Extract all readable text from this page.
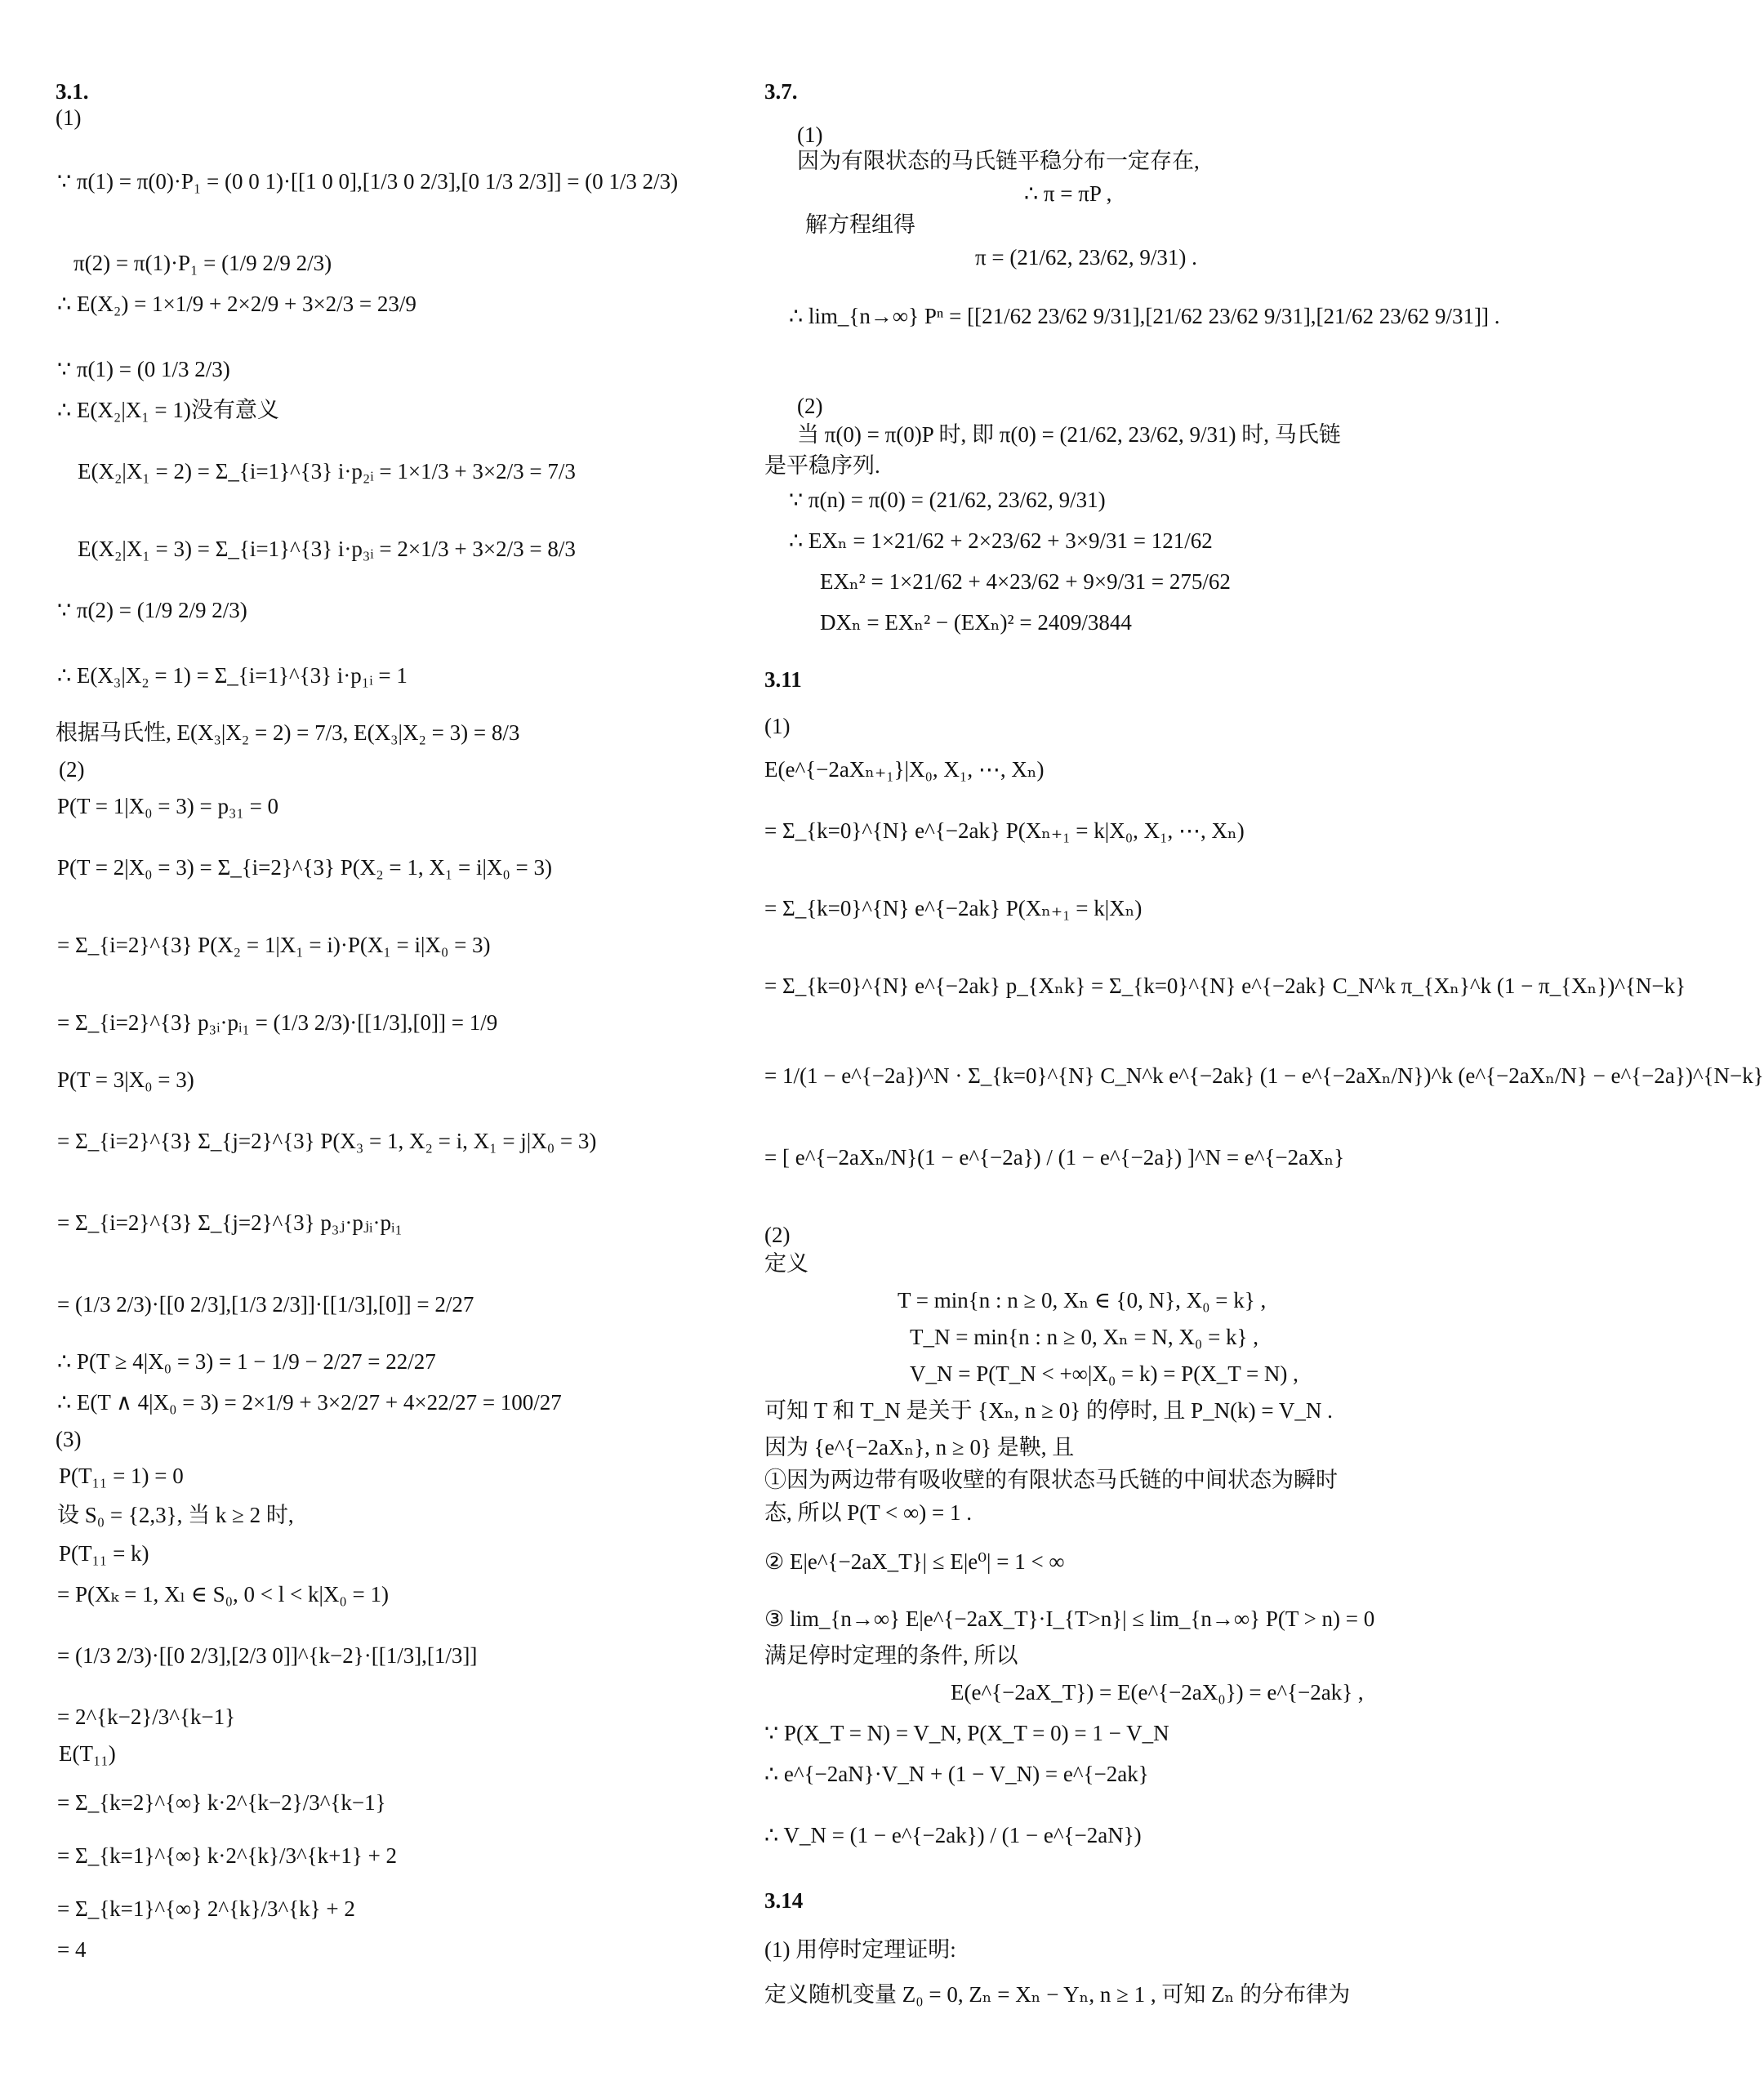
3.1.
(1)
∵ π(1) = π(0)·P₁ = (0 0 1)·[[1 0 0],[1/3 0 2/3],[0 1/3 2/3]] = (0 1/3 2/3)
π(2) = π(1)·P₁ = (1/9 2/9 2/3)
∴ E(X₂) = 1×1/9 + 2×2/9 + 3×2/3 = 23/9
∵ π(1) = (0 1/3 2/3)
∴ E(X₂|X₁ = 1)没有意义
E(X₂|X₁ = 2) = Σ_{i=1}^{3} i·p₂ᵢ = 1×1/3 + 3×2/3 = 7/3
E(X₂|X₁ = 3) = Σ_{i=1}^{3} i·p₃ᵢ = 2×1/3 + 3×2/3 = 8/3
∵ π(2) = (1/9 2/9 2/3)
∴ E(X₃|X₂ = 1) = Σ_{i=1}^{3} i·p₁ᵢ = 1
根据马氏性, E(X₃|X₂ = 2) = 7/3, E(X₃|X₂ = 3) = 8/3
(2)
P(T = 1|X₀ = 3) = p₃₁ = 0
P(T = 2|X₀ = 3) = Σ_{i=2}^{3} P(X₂ = 1, X₁ = i|X₀ = 3)
= Σ_{i=2}^{3} P(X₂ = 1|X₁ = i)·P(X₁ = i|X₀ = 3)
= Σ_{i=2}^{3} p₃ᵢ·pᵢ₁ = (1/3 2/3)·[[1/3],[0]] = 1/9
P(T = 3|X₀ = 3)
= Σ_{i=2}^{3} Σ_{j=2}^{3} P(X₃ = 1, X₂ = i, X₁ = j|X₀ = 3)
= Σ_{i=2}^{3} Σ_{j=2}^{3} p₃ⱼ·pⱼᵢ·pᵢ₁
= (1/3 2/3)·[[0 2/3],[1/3 2/3]]·[[1/3],[0]] = 2/27
∴ P(T ≥ 4|X₀ = 3) = 1 − 1/9 − 2/27 = 22/27
∴ E(T ∧ 4|X₀ = 3) = 2×1/9 + 3×2/27 + 4×22/27 = 100/27
(3)
P(T₁₁ = 1) = 0
设 S₀ = {2,3}, 当 k ≥ 2 时,
P(T₁₁ = k)
= P(Xₖ = 1, Xₗ ∈ S₀, 0 < l < k|X₀ = 1)
= (1/3 2/3)·[[0 2/3],[2/3 0]]^{k−2}·[[1/3],[1/3]]
= 2^{k−2}/3^{k−1}
E(T₁₁)
= Σ_{k=2}^{∞} k·2^{k−2}/3^{k−1}
= Σ_{k=1}^{∞} k·2^{k}/3^{k+1} + 2
= Σ_{k=1}^{∞} 2^{k}/3^{k} + 2
= 4
3.7.
(1)
因为有限状态的马氏链平稳分布一定存在,
∴ π = πP ,
解方程组得
π = (21/62, 23/62, 9/31) .
∴ lim_{n→∞} Pⁿ = [[21/62 23/62 9/31],[21/62 23/62 9/31],[21/62 23/62 9/31]] .
(2)
当 π(0) = π(0)P 时, 即 π(0) = (21/62, 23/62, 9/31) 时, 马氏链
是平稳序列.
∵ π(n) = π(0) = (21/62, 23/62, 9/31)
∴ EXₙ = 1×21/62 + 2×23/62 + 3×9/31 = 121/62
EXₙ² = 1×21/62 + 4×23/62 + 9×9/31 = 275/62
DXₙ = EXₙ² − (EXₙ)² = 2409/3844
3.11
(1)
E(e^{−2aXₙ₊₁}|X₀, X₁, ⋯, Xₙ)
= Σ_{k=0}^{N} e^{−2ak} P(Xₙ₊₁ = k|X₀, X₁, ⋯, Xₙ)
= Σ_{k=0}^{N} e^{−2ak} P(Xₙ₊₁ = k|Xₙ)
= Σ_{k=0}^{N} e^{−2ak} p_{Xₙk} = Σ_{k=0}^{N} e^{−2ak} C_N^k π_{Xₙ}^k (1 − π_{Xₙ})^{N−k}
= 1/(1 − e^{−2a})^N · Σ_{k=0}^{N} C_N^k e^{−2ak} (1 − e^{−2aXₙ/N})^k (e^{−2aXₙ/N} − e^{−2a})^{N−k}
= [ e^{−2aXₙ/N}(1 − e^{−2a}) / (1 − e^{−2a}) ]^N = e^{−2aXₙ}
(2)
定义
T = min{n : n ≥ 0, Xₙ ∈ {0, N}, X₀ = k} ,
T_N = min{n : n ≥ 0, Xₙ = N, X₀ = k} ,
V_N = P(T_N < +∞|X₀ = k) = P(X_T = N) ,
可知 T 和 T_N 是关于 {Xₙ, n ≥ 0} 的停时, 且 P_N(k) = V_N .
因为 {e^{−2aXₙ}, n ≥ 0} 是鞅, 且
①因为两边带有吸收壁的有限状态马氏链的中间状态为瞬时
态, 所以 P(T < ∞) = 1 .
② E|e^{−2aX_T}| ≤ E|e⁰| = 1 < ∞
③ lim_{n→∞} E|e^{−2aX_T}·I_{T>n}| ≤ lim_{n→∞} P(T > n) = 0
满足停时定理的条件, 所以
E(e^{−2aX_T}) = E(e^{−2aX₀}) = e^{−2ak} ,
∵ P(X_T = N) = V_N, P(X_T = 0) = 1 − V_N
∴ e^{−2aN}·V_N + (1 − V_N) = e^{−2ak}
∴ V_N = (1 − e^{−2ak}) / (1 − e^{−2aN})
3.14
(1) 用停时定理证明:
定义随机变量 Z₀ = 0, Zₙ = Xₙ − Yₙ, n ≥ 1 , 可知 Zₙ 的分布律为
